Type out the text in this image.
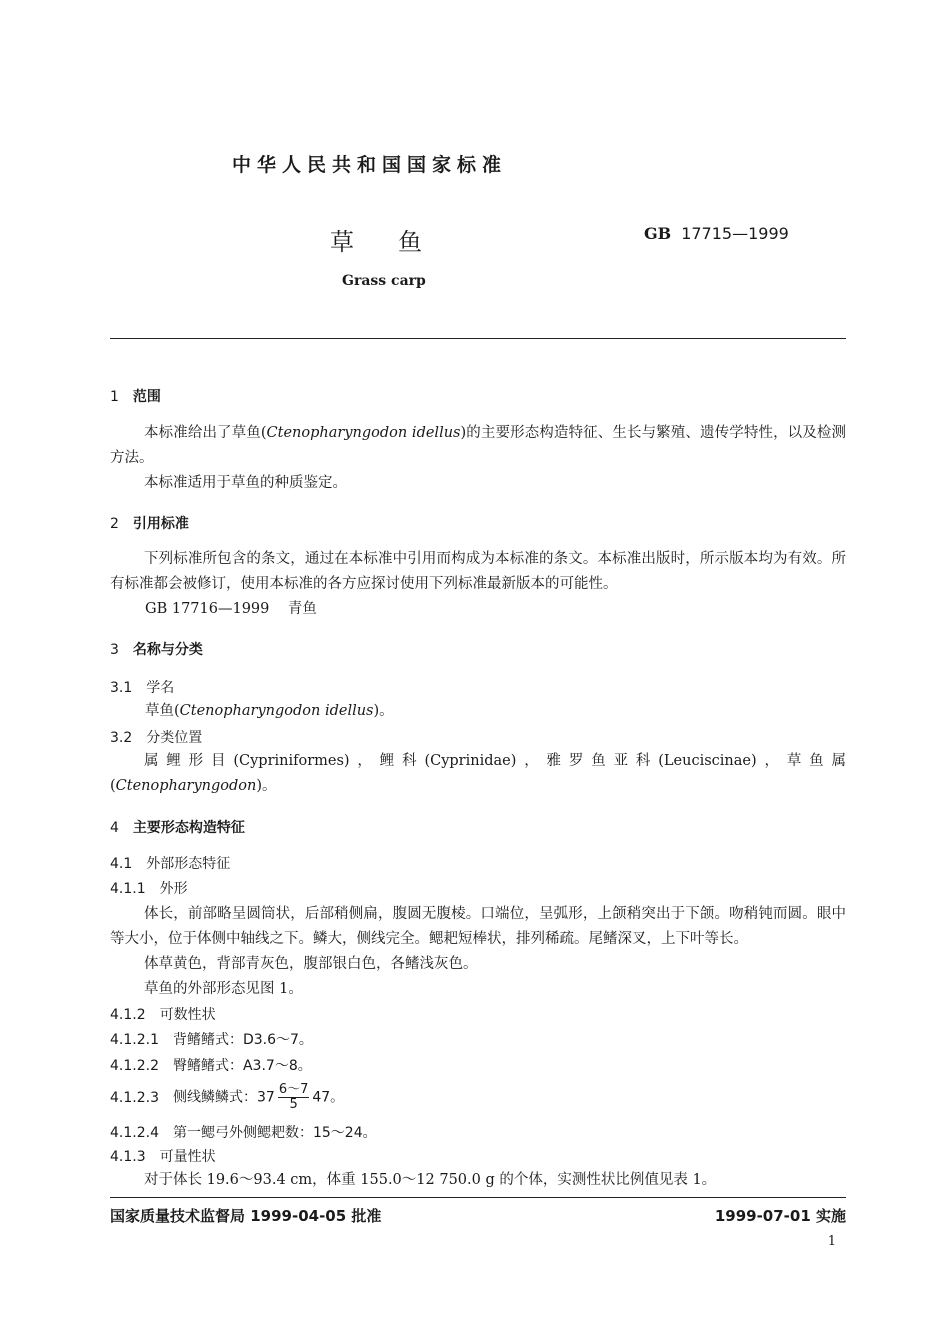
中华人民共和国国家标准
草鱼	GB 17715—1999
Grass carp
1 范围
本标准给出了草鱼(Ctenopharyngodon idellus)的主要形态构造特征、生长与繁殖、遗传学特性，以及检测方法。
本标准适用于草鱼的种质鉴定。
2 引用标准
下列标准所包含的条文，通过在本标准中引用而构成为本标准的条文。本标准出版时，所示版本均为有效。所有标准都会被修订，使用本标准的各方应探讨使用下列标准最新版本的可能性。
GB 17716—1999 青鱼
3 名称与分类
3.1 学名
草鱼(Ctenopharyngodon idellus)。
3.2 分类位置
属鲤形目(Cypriniformes)，鲤科(Cyprinidae)，雅罗鱼亚科(Leuciscinae)，草鱼属(Ctenopharyngodon)。
4 主要形态构造特征
4.1 外部形态特征
4.1.1 外形
体长，前部略呈圆筒状，后部稍侧扁，腹圆无腹棱。口端位，呈弧形，上颌稍突出于下颌。吻稍钝而圆。眼中等大小，位于体侧中轴线之下。鳞大，侧线完全。鳃耙短棒状，排列稀疏。尾鳍深叉，上下叶等长。
体草黄色，背部青灰色，腹部银白色，各鳍浅灰色。
草鱼的外部形态见图 1。
4.1.2 可数性状
4.1.2.1 背鳍鳍式：D3.6～7。
4.1.2.2 臀鳍鳍式：A3.7～8。
4.1.2.3 侧线鳞鳞式：$37 \frac{6\sim 7}{5} 47$。
4.1.2.4 第一鳃弓外侧鳃耙数：15～24。
4.1.3 可量性状
对于体长 19.6～93.4 cm，体重 155.0～12 750.0 g 的个体，实测性状比例值见表 1。
国家质量技术监督局 1999-04-05 批准	1999-07-01 实施
1
